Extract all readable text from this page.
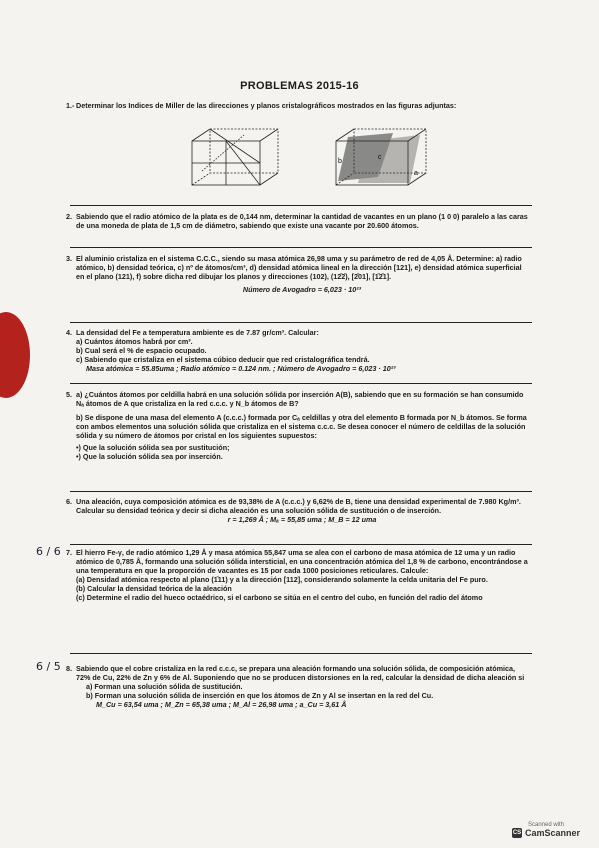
PROBLEMAS 2015-16
1.- Determinar los Indices de Miller de las direcciones y planos cristalográficos mostrados en las figuras adjuntas:

b
c
a
2. Sabiendo que el radio atómico de la plata es de 0,144 nm, determinar la cantidad de vacantes en un plano (1 0 0) paralelo a las caras de una moneda de plata de 1,5 cm de diámetro, sabiendo que existe una vacante por 20.600 átomos.

3. El aluminio cristaliza en el sistema C.C.C., siendo su masa atómica 26,98 uma y su parámetro de red de 4,05 Å. Determine: a) radio atómico, b) densidad teórica, c) nº de átomos/cm³, d) densidad atómica lineal en la dirección [121], e) densidad atómica superficial en el plano (121), f) sobre dicha red dibujar los planos y direcciones (102), (12̄2̄), [2̄01], [1̄2̄1].

Número de Avogadro = 6,023 · 10²³

4. La densidad del Fe a temperatura ambiente es de 7.87 gr/cm³. Calcular:

a) Cuántos átomos habrá por cm³.

b) Cual será el % de espacio ocupado.

c) Sabiendo que cristaliza en el sistema cúbico deducir que red cristalográfica tendrá.

Masa atómica = 55.85uma ; Radio atómico = 0.124 nm. ; Número de Avogadro = 6,023 · 10²³

5. a) ¿Cuántos átomos por celdilla habrá en una solución sólida por inserción A(B), sabiendo que en su formación se han consumido Nₐ átomos de A que cristaliza en la red c.c.c. y N_b átomos de B?

b) Se dispone de una masa del elemento A (c.c.c.) formada por Cₐ celdillas y otra del elemento B formada por N_b átomos. Se forma con ambos elementos una solución sólida que cristaliza en el sistema c.c.c. Se desea conocer el número de celdillas de la solución sólida y su número de átomos por cristal en los siguientes supuestos:

•) Que la solución sólida sea por sustitución;

•) Que la solución sólida sea por inserción.

6. Una aleación, cuya composición atómica es de 93,38% de A (c.c.c.) y 6,62% de B, tiene una densidad experimental de 7.980 Kg/m³. Calcular su densidad teórica y decir si dicha aleación es una solución sólida de sustitución o de inserción.

r = 1,269 Å ; Mₐ = 55,85 uma ; M_B = 12 uma

6 / 6 7. El hierro Fe-γ, de radio atómico 1,29 Å y masa atómica 55,847 uma se alea con el carbono de masa atómica de 12 uma y un radio atómico de 0,785 Å, formando una solución sólida intersticial, en una concentración atómica del 1,8 % de carbono, encontrándose a una temperatura en que la proporción de vacantes es 15 por cada 1000 posiciones reticulares. Calcule:

(a) Densidad atómica respecto al plano (1̄11) y a la dirección [112], considerando solamente la celda unitaria del Fe puro.

(b) Calcular la densidad teórica de la aleación

(c) Determine el radio del hueco octaédrico, si el carbono se sitúa en el centro del cubo, en función del radio del átomo

6 / 5 8. Sabiendo que el cobre cristaliza en la red c.c.c, se prepara una aleación formando una solución sólida, de composición atómica, 72% de Cu, 22% de Zn y 6% de Al. Suponiendo que no se producen distorsiones en la red, calcular la densidad de dicha aleación si

a) Forman una solución sólida de sustitución.

b) Forman una solución sólida de inserción en que los átomos de Zn y Al se insertan en la red del Cu.

M_Cu = 63,54 uma ; M_Zn = 65,38 uma ; M_Al = 26,98 uma ; a_Cu = 3,61 Å

Scanned with
CS CamScanner
